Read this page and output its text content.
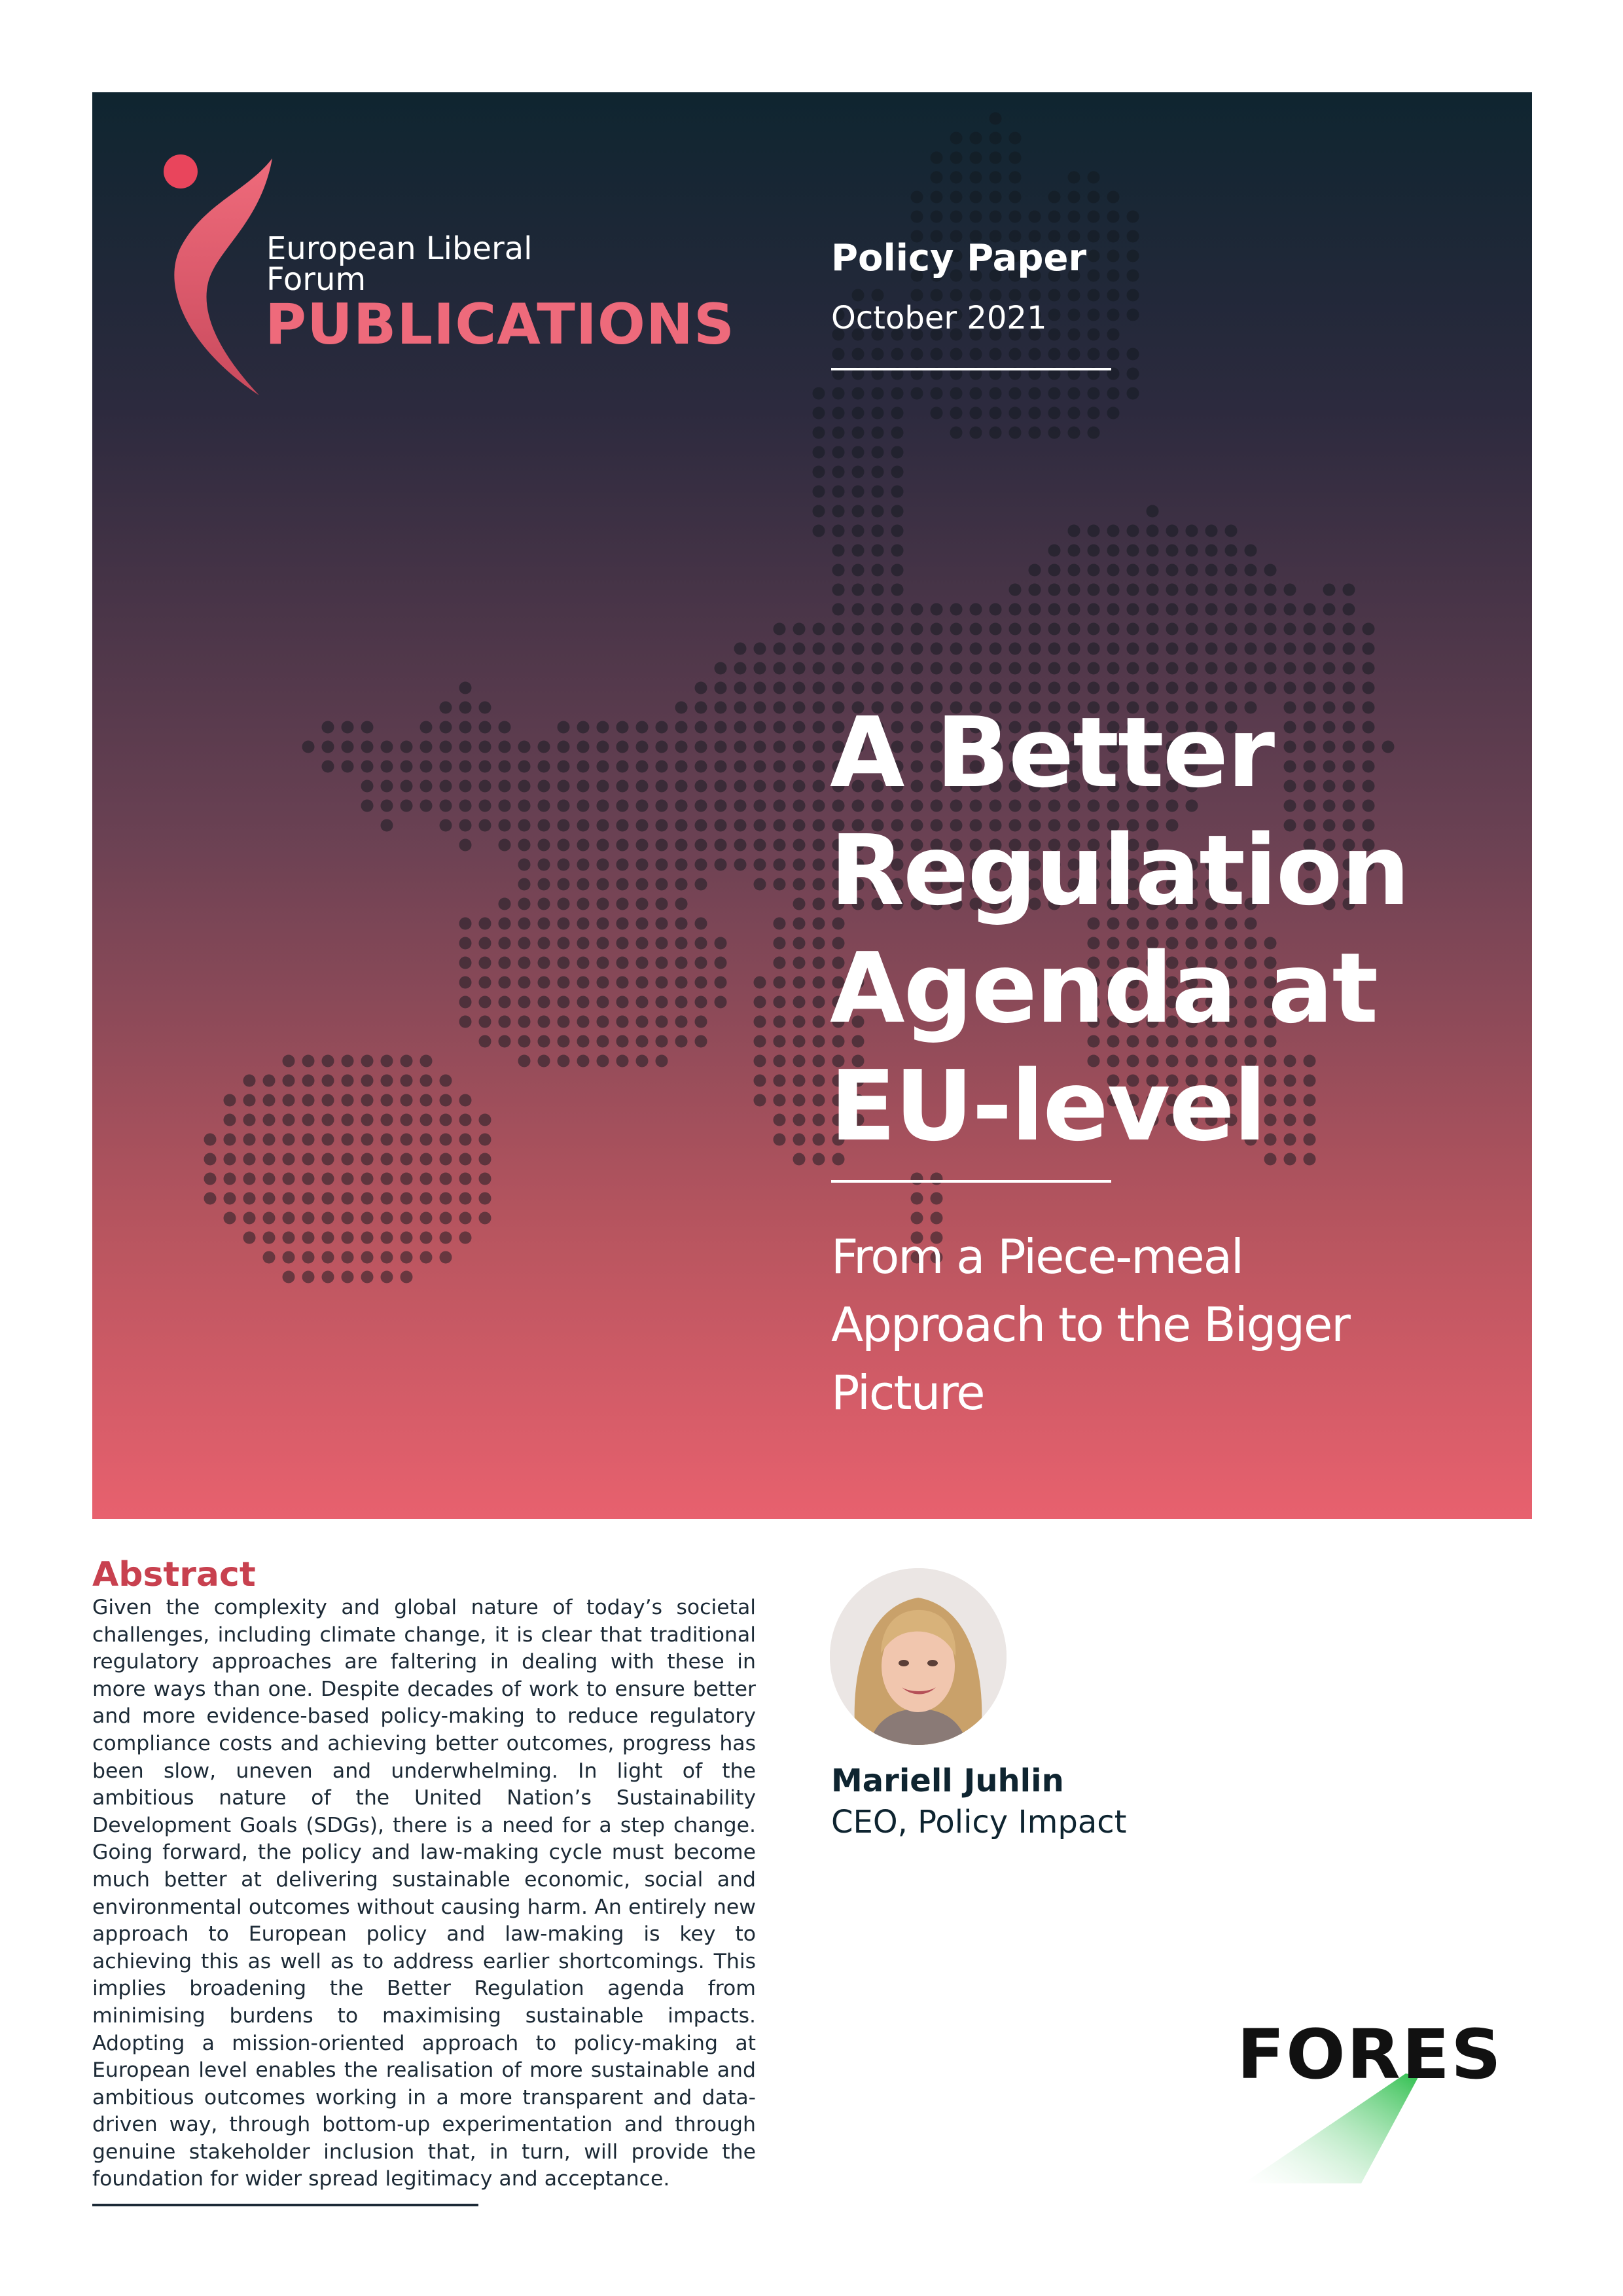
European Liberal
Forum
PUBLICATIONS
Policy Paper
October 2021
A Better
Regulation
Agenda at
EU-level
From a Piece-meal
Approach to the Bigger
Picture
Abstract
Given the complexity and global nature of today’s societal challenges, including climate change, it is clear that traditional regulatory approaches are faltering in dealing with these in more ways than one. Despite decades of work to ensure better and more evidence-based policy-making to reduce regulatory compliance costs and achieving better outcomes, progress has been slow, uneven and underwhelming. In light of the ambitious nature of the United Nation’s Sustainability Development Goals (SDGs), there is a need for a step change. Going forward, the policy and law-making cycle must become much better at delivering sustainable economic, social and environmental outcomes without causing harm. An entirely new approach to European policy and law-making is key to achieving this as well as to address earlier shortcomings. This implies broadening the Better Regulation agenda from minimising burdens to maximising sustainable impacts. Adopting a mission-oriented approach to policy-making at European level enables the realisation of more sustainable and ambitious outcomes working in a more transparent and data-driven way, through bottom-up experimentation and through genuine stakeholder inclusion that, in turn, will provide the foundation for wider spread legitimacy and acceptance.
Mariell Juhlin
CEO, Policy Impact
FORES
